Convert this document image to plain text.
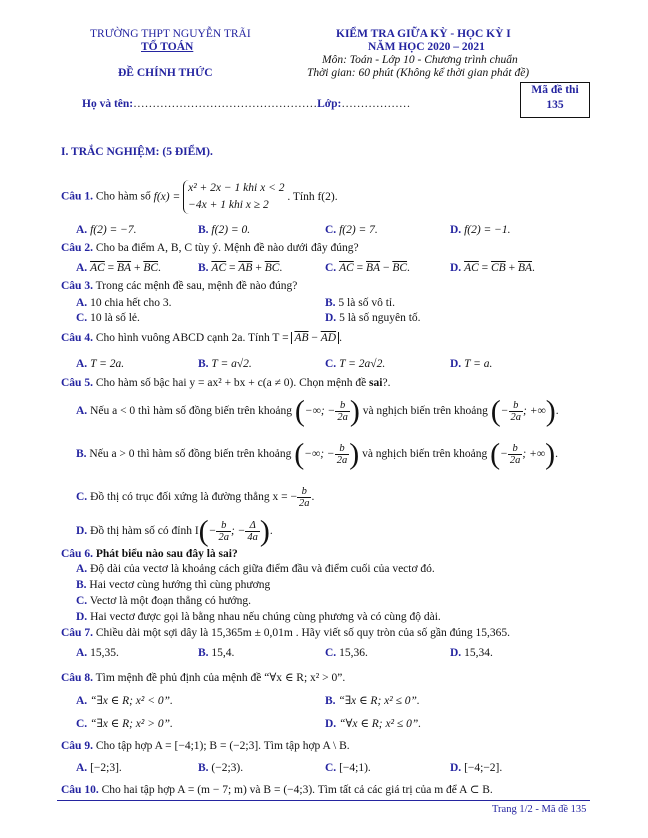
TRƯỜNG THPT NGUYỄN TRÃI
TỔ TOÁN
ĐỀ CHÍNH THỨC
KIỂM TRA GIỮA KỲ - HỌC KỲ I
NĂM HỌC 2020 – 2021
Môn: Toán - Lớp 10 - Chương trình chuẩn
Thời gian: 60 phút (Không kể thời gian phát đề)
Họ và tên:…………………………………………Lớp:………………
Mã đề thi
135
I. TRẮC NGHIỆM: (5 ĐIỂM).
Câu 1. Cho hàm số f(x) =
x² + 2x − 1 khi x < 2
−4x + 1 khi x ≥ 2
. Tính f(2).
A. f(2) = −7.	B. f(2) = 0.	C. f(2) = 7.	D. f(2) = −1.
Câu 2. Cho ba điểm A, B, C tùy ý. Mệnh đề nào dưới đây đúng?
A. $\overline{AC} = \overline{BA} + \overline{BC}$.	B. $\overline{AC} = \overline{AB} + \overline{BC}$.	C. $\overline{AC} = \overline{BA} - \overline{BC}$.	D. $\overline{AC} = \overline{CB} + \overline{BA}$.
Câu 3. Trong các mệnh đề sau, mệnh đề nào đúng?
A. 10 chia hết cho 3.	B. 5 là số vô tỉ.
C. 10 là số lẻ.	D. 5 là số nguyên tố.
Câu 4. Cho hình vuông ABCD cạnh 2a. Tính $T = \overline{AB} - \overline{AD}$ .
A. T = 2a.	B. T = a√2.	C. T = 2a√2.	D. T = a.
Câu 5. Cho hàm số bậc hai y = ax² + bx + c(a ≠ 0). Chọn mệnh đề sai?.
A. Nếu a < 0 thì hàm số đồng biến trên khoảng (−∞; − $\frac{b}{2a}$ ) và nghịch biến trên khoảng (− $\frac{b}{2a}$ ; +∞).
B. Nếu a > 0 thì hàm số đồng biến trên khoảng (−∞; − $\frac{b}{2a}$ ) và nghịch biến trên khoảng (− $\frac{b}{2a}$ ; +∞).
C. Đồ thị có trục đối xứng là đường thẳng x = − $\frac{b}{2a}$ .
D. Đồ thị hàm số có đỉnh $I(- \frac{b}{2a}$ ; − $\frac{\Delta}{4a}$ ).
Câu 6. Phát biểu nào sau đây là sai?
A. Độ dài của vectơ là khoảng cách giữa điểm đầu và điểm cuối của vectơ đó.
B. Hai vectơ cùng hướng thì cùng phương
C. Vectơ là một đoạn thẳng có hướng.
D. Hai vectơ được gọi là bằng nhau nếu chúng cùng phương và có cùng độ dài.
Câu 7. Chiều dài một sợi dây là 15,365m ± 0,01m . Hãy viết số quy tròn của số gần đúng 15,365.
A. 15,35.	B. 15,4.	C. 15,36.	D. 15,34.
Câu 8. Tìm mệnh đề phủ định của mệnh đề “∀x ∈ R; x² > 0”.
A. “∃x ∈ R; x² < 0”.	B. “∃x ∈ R; x² ≤ 0”.
C. “∃x ∈ R; x² > 0”.	D. “∀x ∈ R; x² ≤ 0”.
Câu 9. Cho tập hợp A = [−4;1); B = (−2;3]. Tìm tập hợp A \ B.
A. [−2;3].	B. (−2;3).	C. [−4;1).	D. [−4;−2].
Câu 10. Cho hai tập hợp A = (m − 7; m) và B = (−4;3). Tìm tất cả các giá trị của m để A ⊂ B.
Trang 1/2 - Mã đề 135
